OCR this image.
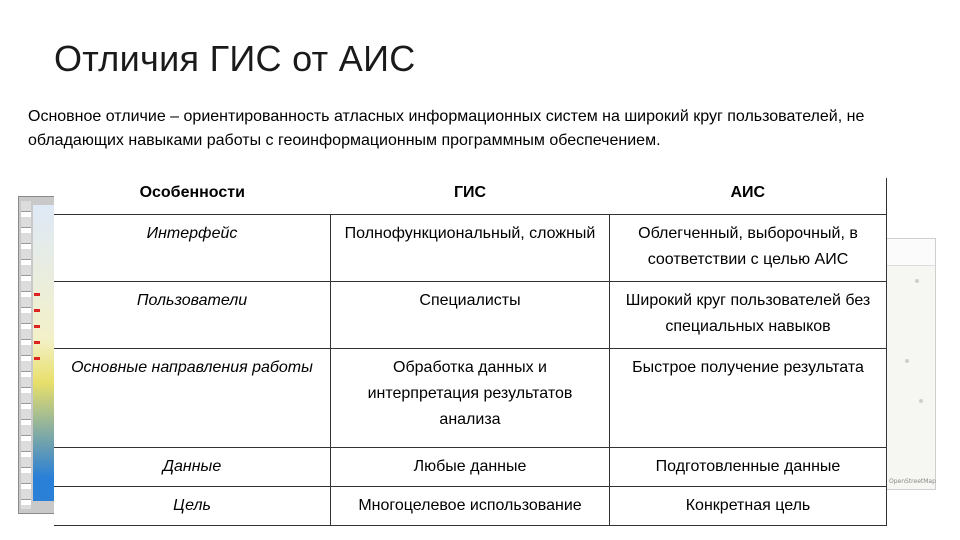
OpenStreetMap
Отличия ГИС от АИС
Основное отличие – ориентированность атласных информационных систем на широкий круг пользователей, не обладающих навыками работы с геоинформационным программным обеспечением.
Особенности	ГИС	АИС
Интерфейс	Полнофункциональный, сложный	Облегченный, выборочный, в соответствии с целью АИС
Пользователи	Специалисты	Широкий круг пользователей без специальных навыков
Основные направления работы	Обработка данных и интерпретация результатов анализа	Быстрое получение результата
Данные	Любые данные	Подготовленные данные
Цель	Многоцелевое использование	Конкретная цель
